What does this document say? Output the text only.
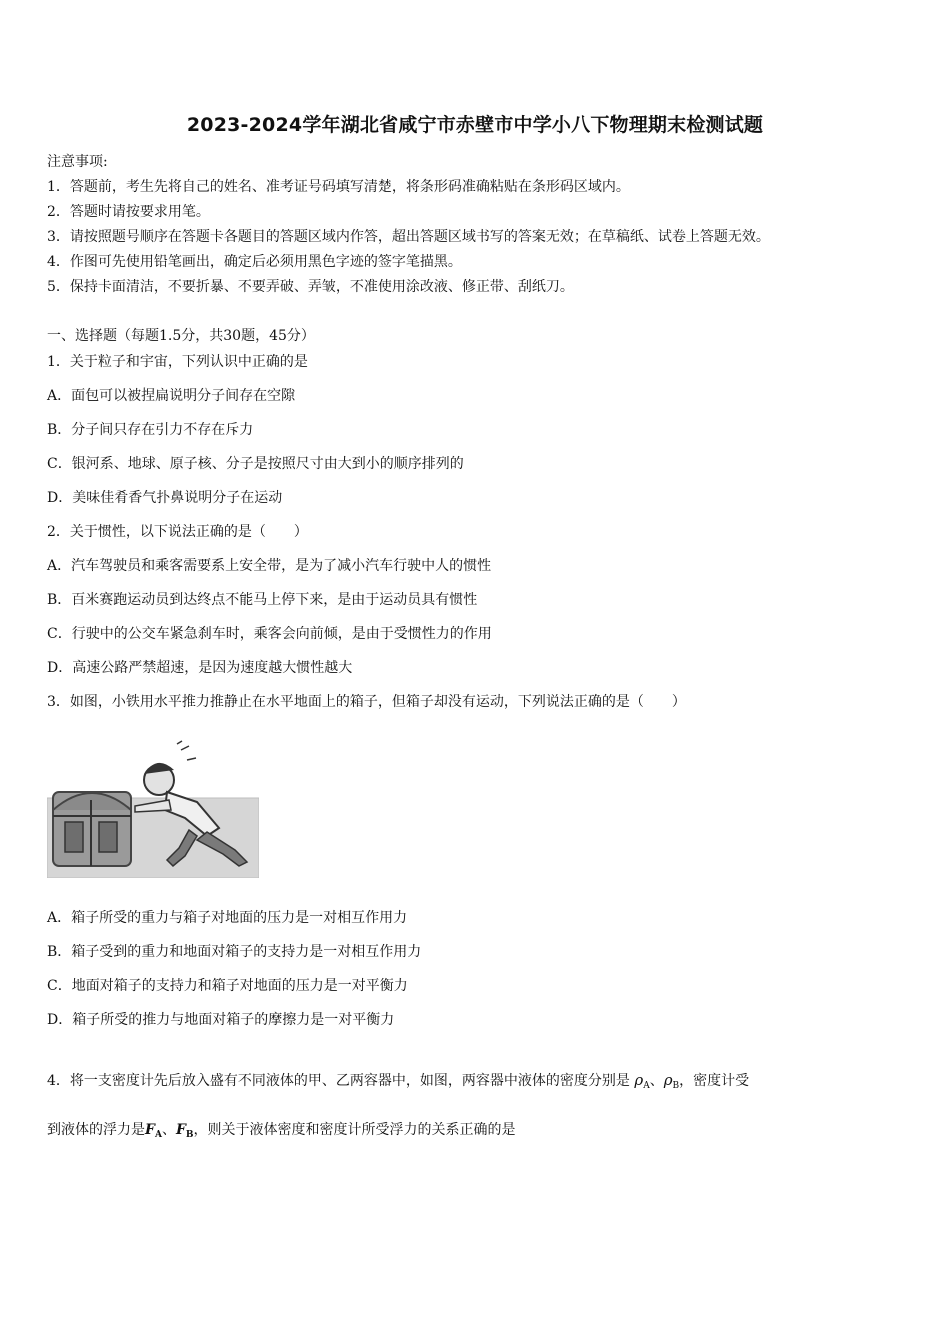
2023-2024学年湖北省咸宁市赤壁市中学小八下物理期末检测试题
注意事项:
1．答题前，考生先将自己的姓名、准考证号码填写清楚，将条形码准确粘贴在条形码区域内。
2．答题时请按要求用笔。
3．请按照题号顺序在答题卡各题目的答题区域内作答，超出答题区域书写的答案无效；在草稿纸、试卷上答题无效。
4．作图可先使用铅笔画出，确定后必须用黑色字迹的签字笔描黑。
5．保持卡面清洁，不要折暴、不要弄破、弄皱，不准使用涂改液、修正带、刮纸刀。
一、选择题（每题1.5分，共30题，45分）
1．关于粒子和宇宙，下列认识中正确的是
A．面包可以被捏扁说明分子间存在空隙
B．分子间只存在引力不存在斥力
C．银河系、地球、原子核、分子是按照尺寸由大到小的顺序排列的
D．美味佳肴香气扑鼻说明分子在运动
2．关于惯性，以下说法正确的是（　　）
A．汽车驾驶员和乘客需要系上安全带，是为了减小汽车行驶中人的惯性
B．百米赛跑运动员到达终点不能马上停下来，是由于运动员具有惯性
C．行驶中的公交车紧急刹车时，乘客会向前倾，是由于受惯性力的作用
D．高速公路严禁超速，是因为速度越大惯性越大
3．如图，小铁用水平推力推静止在水平地面上的箱子，但箱子却没有运动，下列说法正确的是（　　）
A．箱子所受的重力与箱子对地面的压力是一对相互作用力
B．箱子受到的重力和地面对箱子的支持力是一对相互作用力
C．地面对箱子的支持力和箱子对地面的压力是一对平衡力
D．箱子所受的推力与地面对箱子的摩擦力是一对平衡力
4．将一支密度计先后放入盛有不同液体的甲、乙两容器中，如图，两容器中液体的密度分别是 $\rho_A$、$\rho_B$，密度计受
到液体的浮力是$F_A$、$F_B$，则关于液体密度和密度计所受浮力的关系正确的是
